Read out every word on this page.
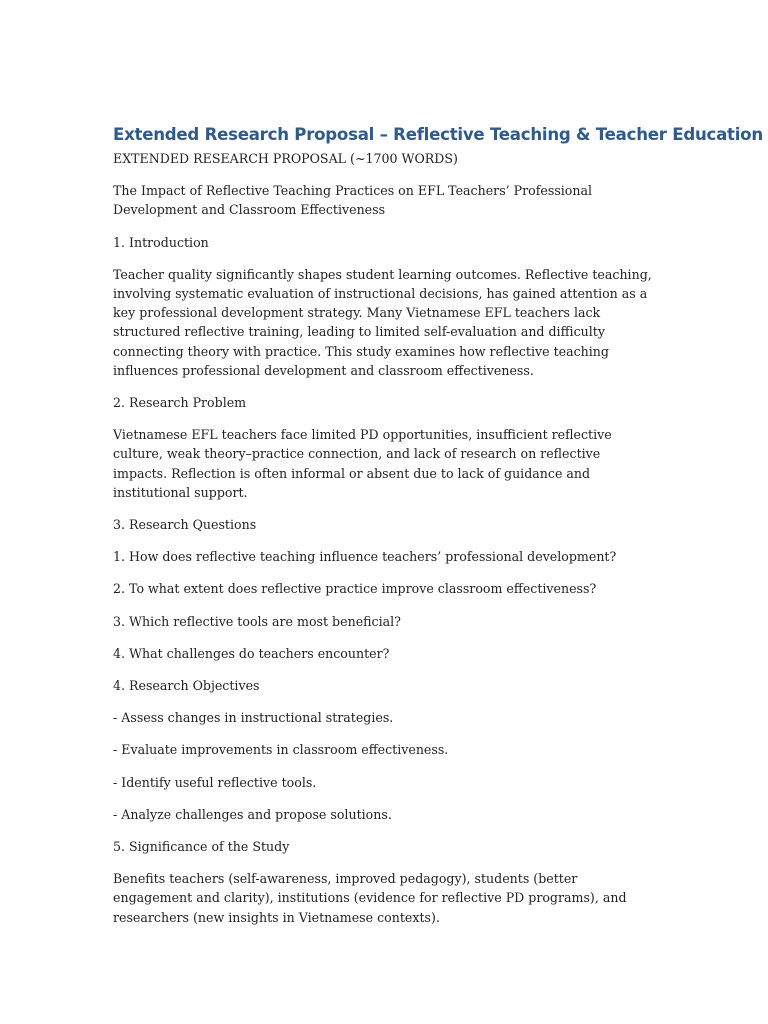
Extended Research Proposal – Reflective Teaching & Teacher Education
EXTENDED RESEARCH PROPOSAL (~1700 WORDS)
The Impact of Reflective Teaching Practices on EFL Teachers’ Professional Development and Classroom Effectiveness
1. Introduction
Teacher quality significantly shapes student learning outcomes. Reflective teaching, involving systematic evaluation of instructional decisions, has gained attention as a key professional development strategy. Many Vietnamese EFL teachers lack structured reflective training, leading to limited self-evaluation and difficulty connecting theory with practice. This study examines how reflective teaching influences professional development and classroom effectiveness.
2. Research Problem
Vietnamese EFL teachers face limited PD opportunities, insufficient reflective culture, weak theory–practice connection, and lack of research on reflective impacts. Reflection is often informal or absent due to lack of guidance and institutional support.
3. Research Questions
1. How does reflective teaching influence teachers’ professional development?
2. To what extent does reflective practice improve classroom effectiveness?
3. Which reflective tools are most beneficial?
4. What challenges do teachers encounter?
4. Research Objectives
- Assess changes in instructional strategies.
- Evaluate improvements in classroom effectiveness.
- Identify useful reflective tools.
- Analyze challenges and propose solutions.
5. Significance of the Study
Benefits teachers (self-awareness, improved pedagogy), students (better engagement and clarity), institutions (evidence for reflective PD programs), and researchers (new insights in Vietnamese contexts).
